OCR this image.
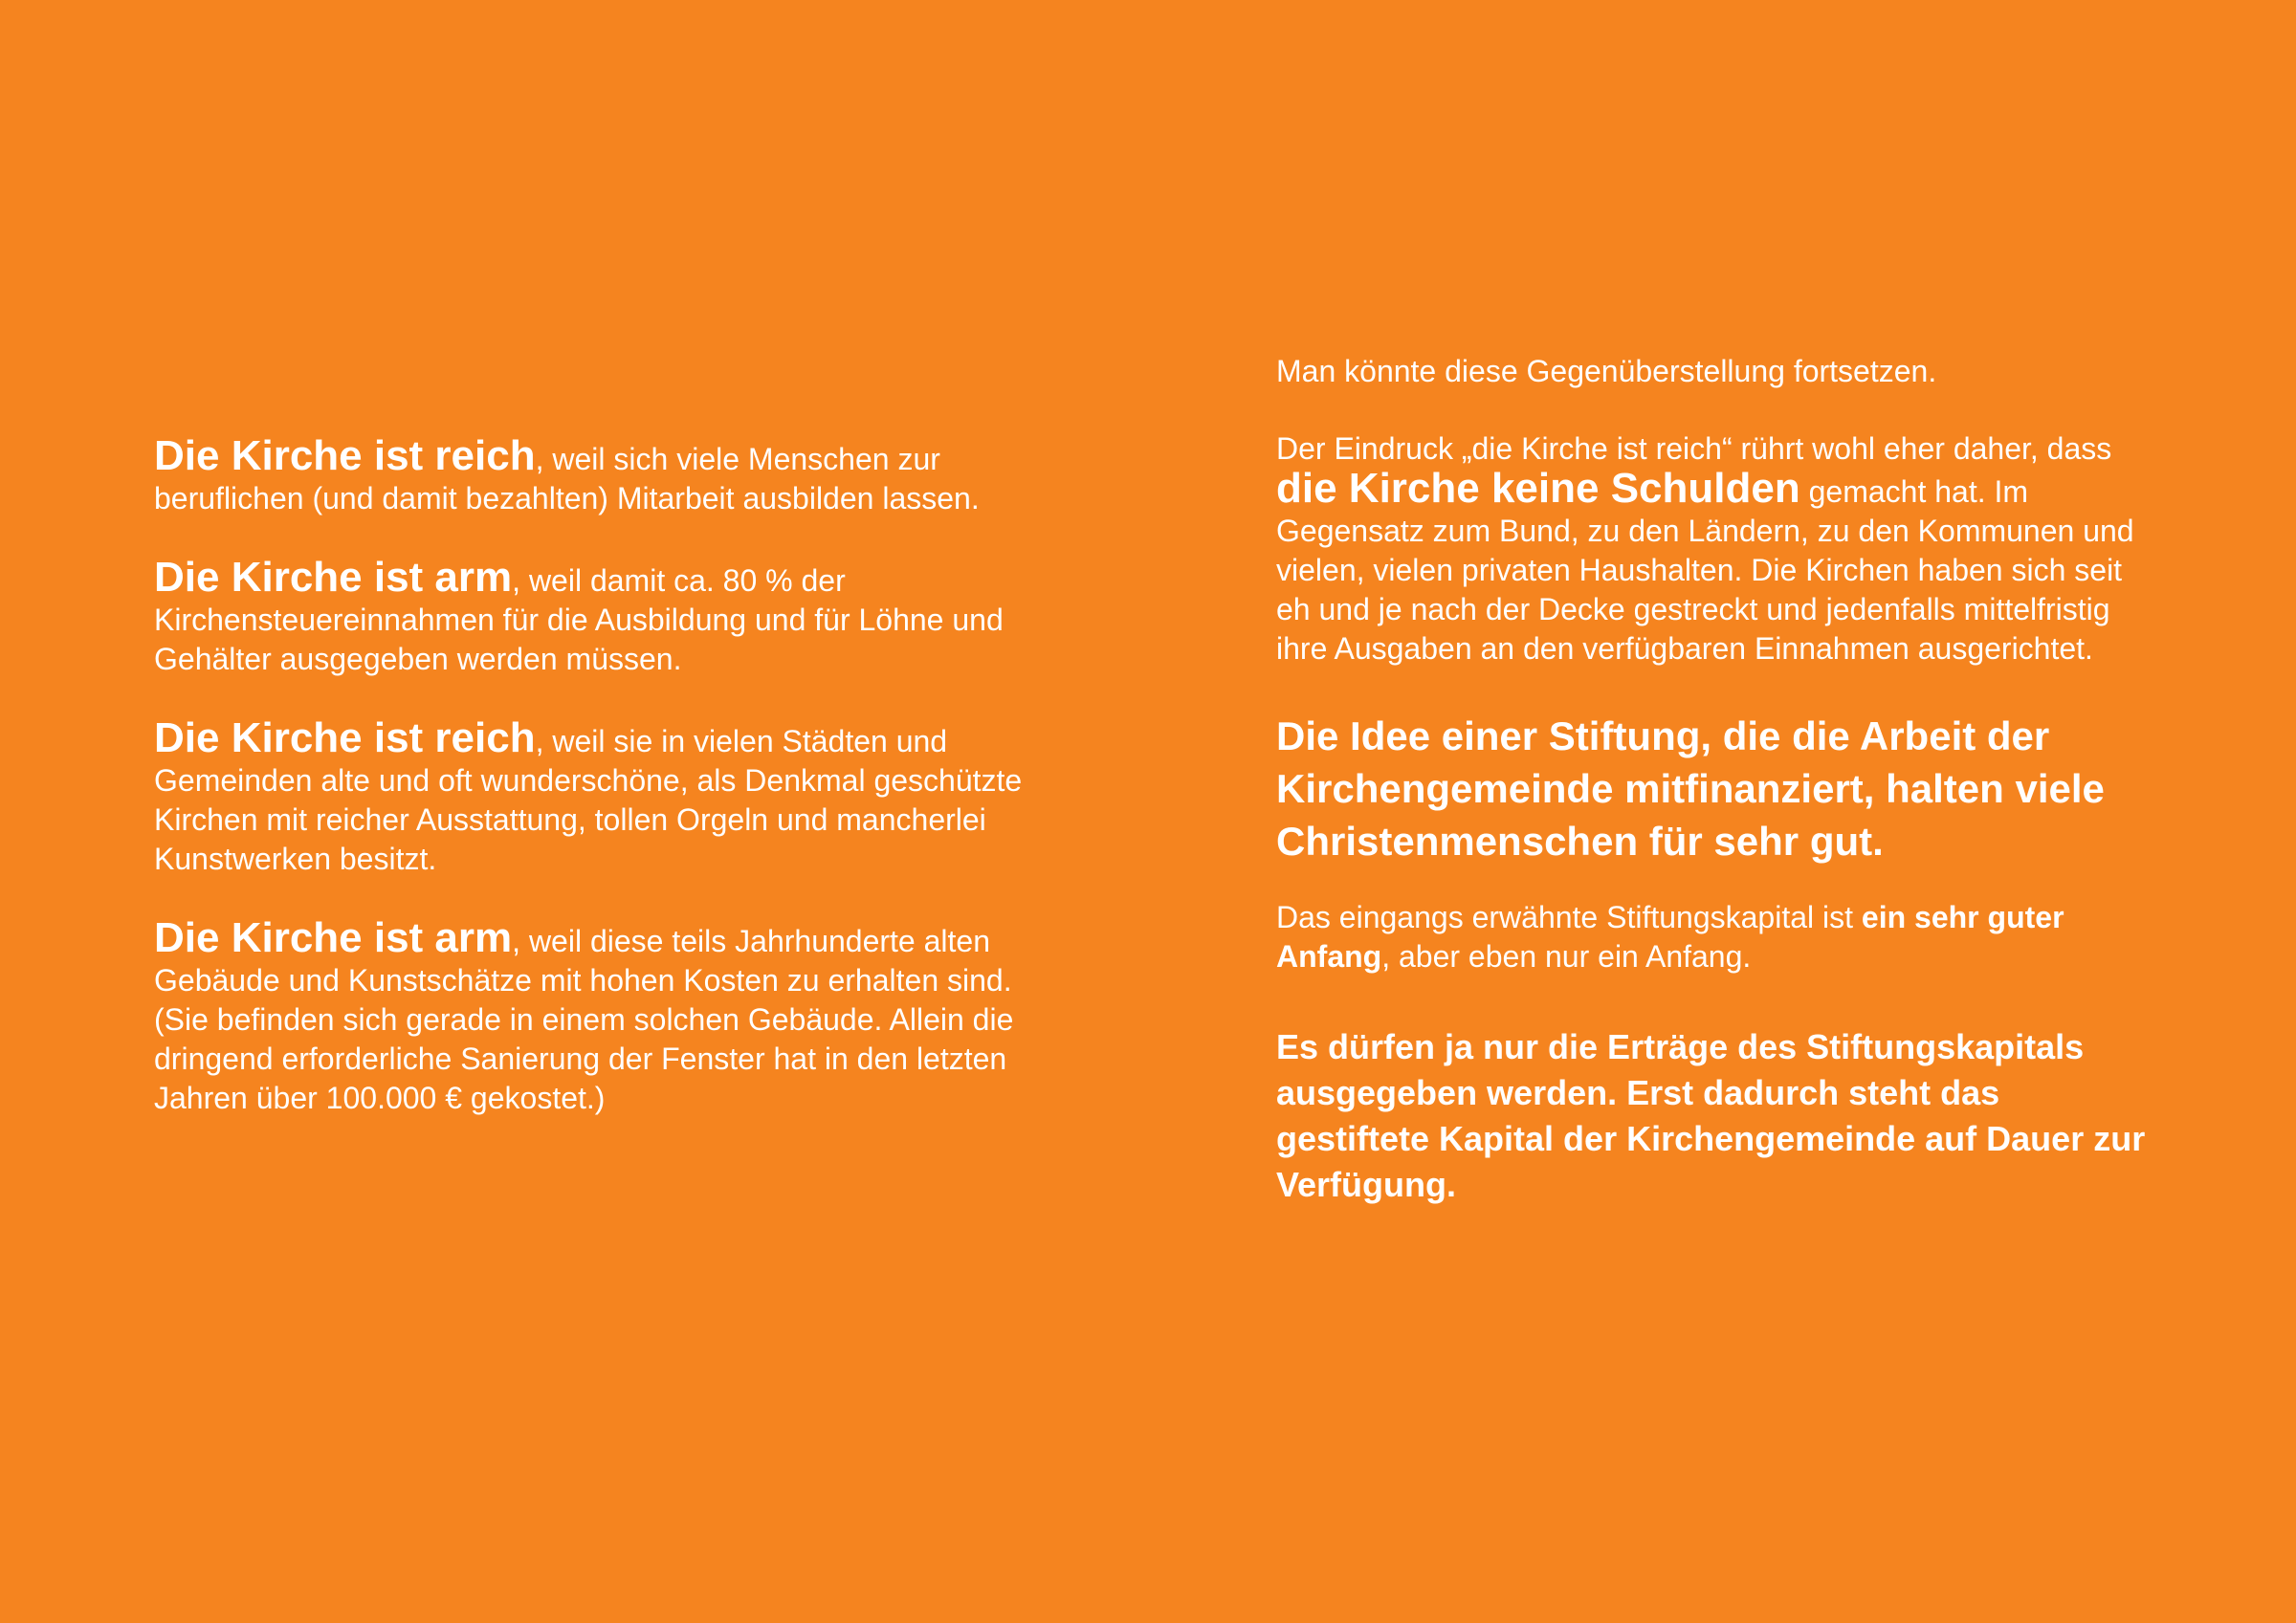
Die Kirche ist reich, weil sich viele Menschen zur beruflichen (und damit bezahlten) Mitarbeit ausbilden lassen.

Die Kirche ist arm, weil damit ca. 80 % der Kirchensteuereinnahmen für die Ausbildung und für Löhne und Gehälter ausgegeben werden müssen.

Die Kirche ist reich, weil sie in vielen Städten und Gemeinden alte und oft wunderschöne, als Denkmal geschützte Kirchen mit reicher Ausstattung, tollen Orgeln und mancherlei Kunstwerken besitzt.

Die Kirche ist arm, weil diese teils Jahrhunderte alten Gebäude und Kunstschätze mit hohen Kosten zu erhalten sind. (Sie befinden sich gerade in einem solchen Gebäude. Allein die dringend erforderliche Sanierung der Fenster hat in den letzten Jahren über 100.000 € gekostet.)

Man könnte diese Gegenüberstellung fortsetzen.

Der Eindruck „die Kirche ist reich“ rührt wohl eher daher, dass die Kirche keine Schulden gemacht hat. Im Gegensatz zum Bund, zu den Ländern, zu den Kommunen und vielen, vielen privaten Haushalten. Die Kirchen haben sich seit eh und je nach der Decke gestreckt und jedenfalls mittelfristig ihre Ausgaben an den verfügbaren Einnahmen ausgerichtet.

Die Idee einer Stiftung, die die Arbeit der Kirchengemeinde mitfinanziert, halten viele Christenmenschen für sehr gut.

Das eingangs erwähnte Stiftungskapital ist ein sehr guter Anfang, aber eben nur ein Anfang.

Es dürfen ja nur die Erträge des Stiftungskapitals ausgegeben werden. Erst dadurch steht das gestiftete Kapital der Kirchengemeinde auf Dauer zur Verfügung.
